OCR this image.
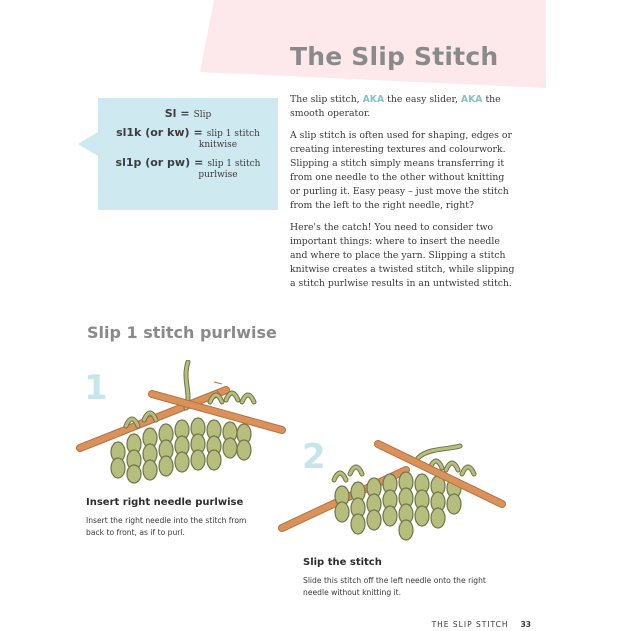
The Slip Stitch
Sl = Slip
sl1k (or kw) = slip 1 stitch
knitwise
sl1p (or pw) = slip 1 stitch
purlwise

The slip stitch, AKA the easy slider, AKA the smooth operator.

A slip stitch is often used for shaping, edges or creating interesting textures and colourwork. Slipping a stitch simply means transferring it from one needle to the other without knitting or purling it. Easy peasy – just move the stitch from the left to the right needle, right?

Here's the catch! You need to consider two important things: where to insert the needle and where to place the yarn. Slipping a stitch knitwise creates a twisted stitch, while slipping a stitch purlwise results in an untwisted stitch.

Slip 1 stitch purlwise
1

Insert right needle purlwise

Insert the right needle into the stitch from back to front, as if to purl.

2

Slip the stitch

Slide this stitch off the left needle onto the right needle without knitting it.

THE SLIP STITCH 33
